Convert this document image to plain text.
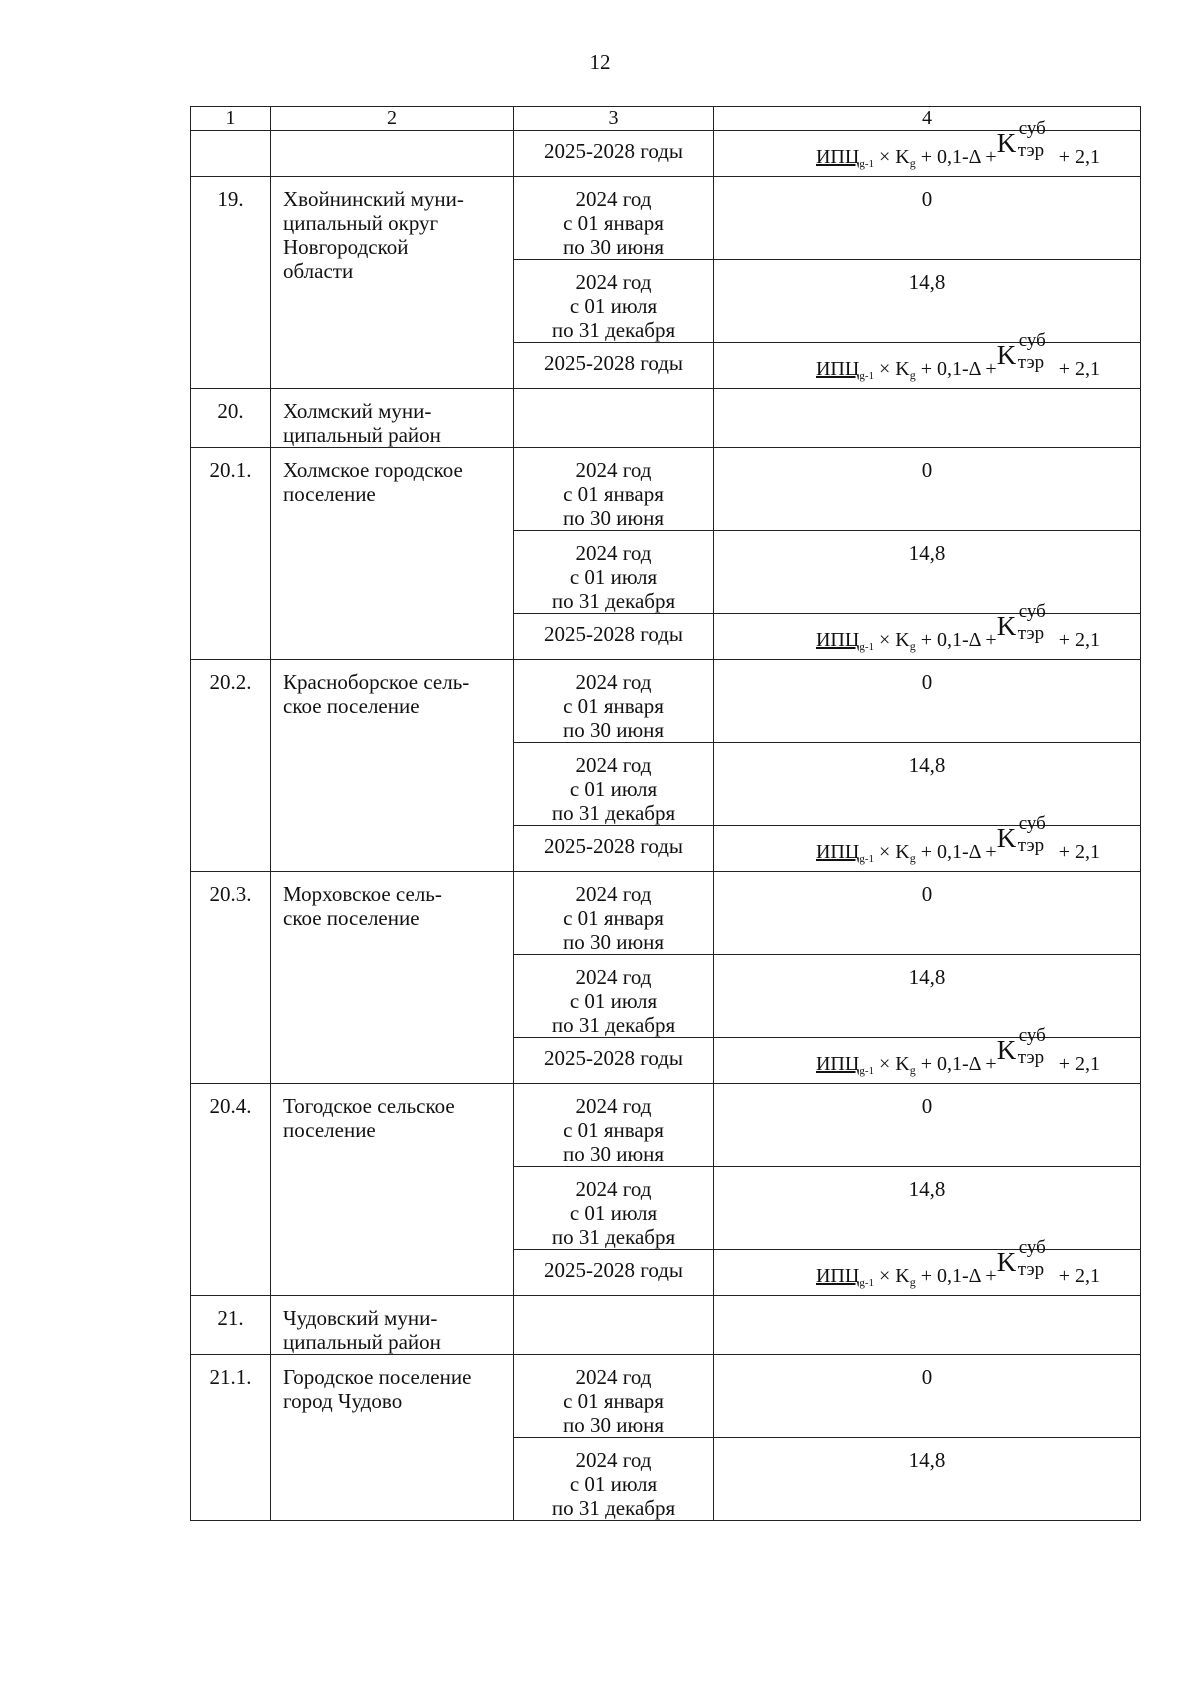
12
1	2	3	4

		2025-2028 годы	$ИПЦ_{g-1} \times K_g + 0,1-\Delta + K$ суб
тэр + 2,1

19.	Хвойнинский муни-
ципальный округ
Новгородской
области	2024 год
с 01 января
по 30 июня	0

		2024 год
с 01 июля
по 31 декабря	14,8

		2025-2028 годы	$ИПЦ_{g-1} \times K_g + 0,1-\Delta + K$ суб
тэр + 2,1

20.	Холмский муни-
ципальный район		

20.1.	Холмское городское
поселение	2024 год
с 01 января
по 30 июня	0

		2024 год
с 01 июля
по 31 декабря	14,8

		2025-2028 годы	$ИПЦ_{g-1} \times K_g + 0,1-\Delta + K$ суб
тэр + 2,1

20.2.	Красноборское сель-
ское поселение	2024 год
с 01 января
по 30 июня	0

		2024 год
с 01 июля
по 31 декабря	14,8

		2025-2028 годы	$ИПЦ_{g-1} \times K_g + 0,1-\Delta + K$ суб
тэр + 2,1

20.3.	Морховское сель-
ское поселение	2024 год
с 01 января
по 30 июня	0

		2024 год
с 01 июля
по 31 декабря	14,8

		2025-2028 годы	$ИПЦ_{g-1} \times K_g + 0,1-\Delta + K$ суб
тэр + 2,1

20.4.	Тогодское сельское
поселение	2024 год
с 01 января
по 30 июня	0

		2024 год
с 01 июля
по 31 декабря	14,8

		2025-2028 годы	$ИПЦ_{g-1} \times K_g + 0,1-\Delta + K$ суб
тэр + 2,1

21.	Чудовский муни-
ципальный район		

21.1.	Городское поселение
город Чудово	2024 год
с 01 января
по 30 июня	0

		2024 год
с 01 июля
по 31 декабря	14,8
